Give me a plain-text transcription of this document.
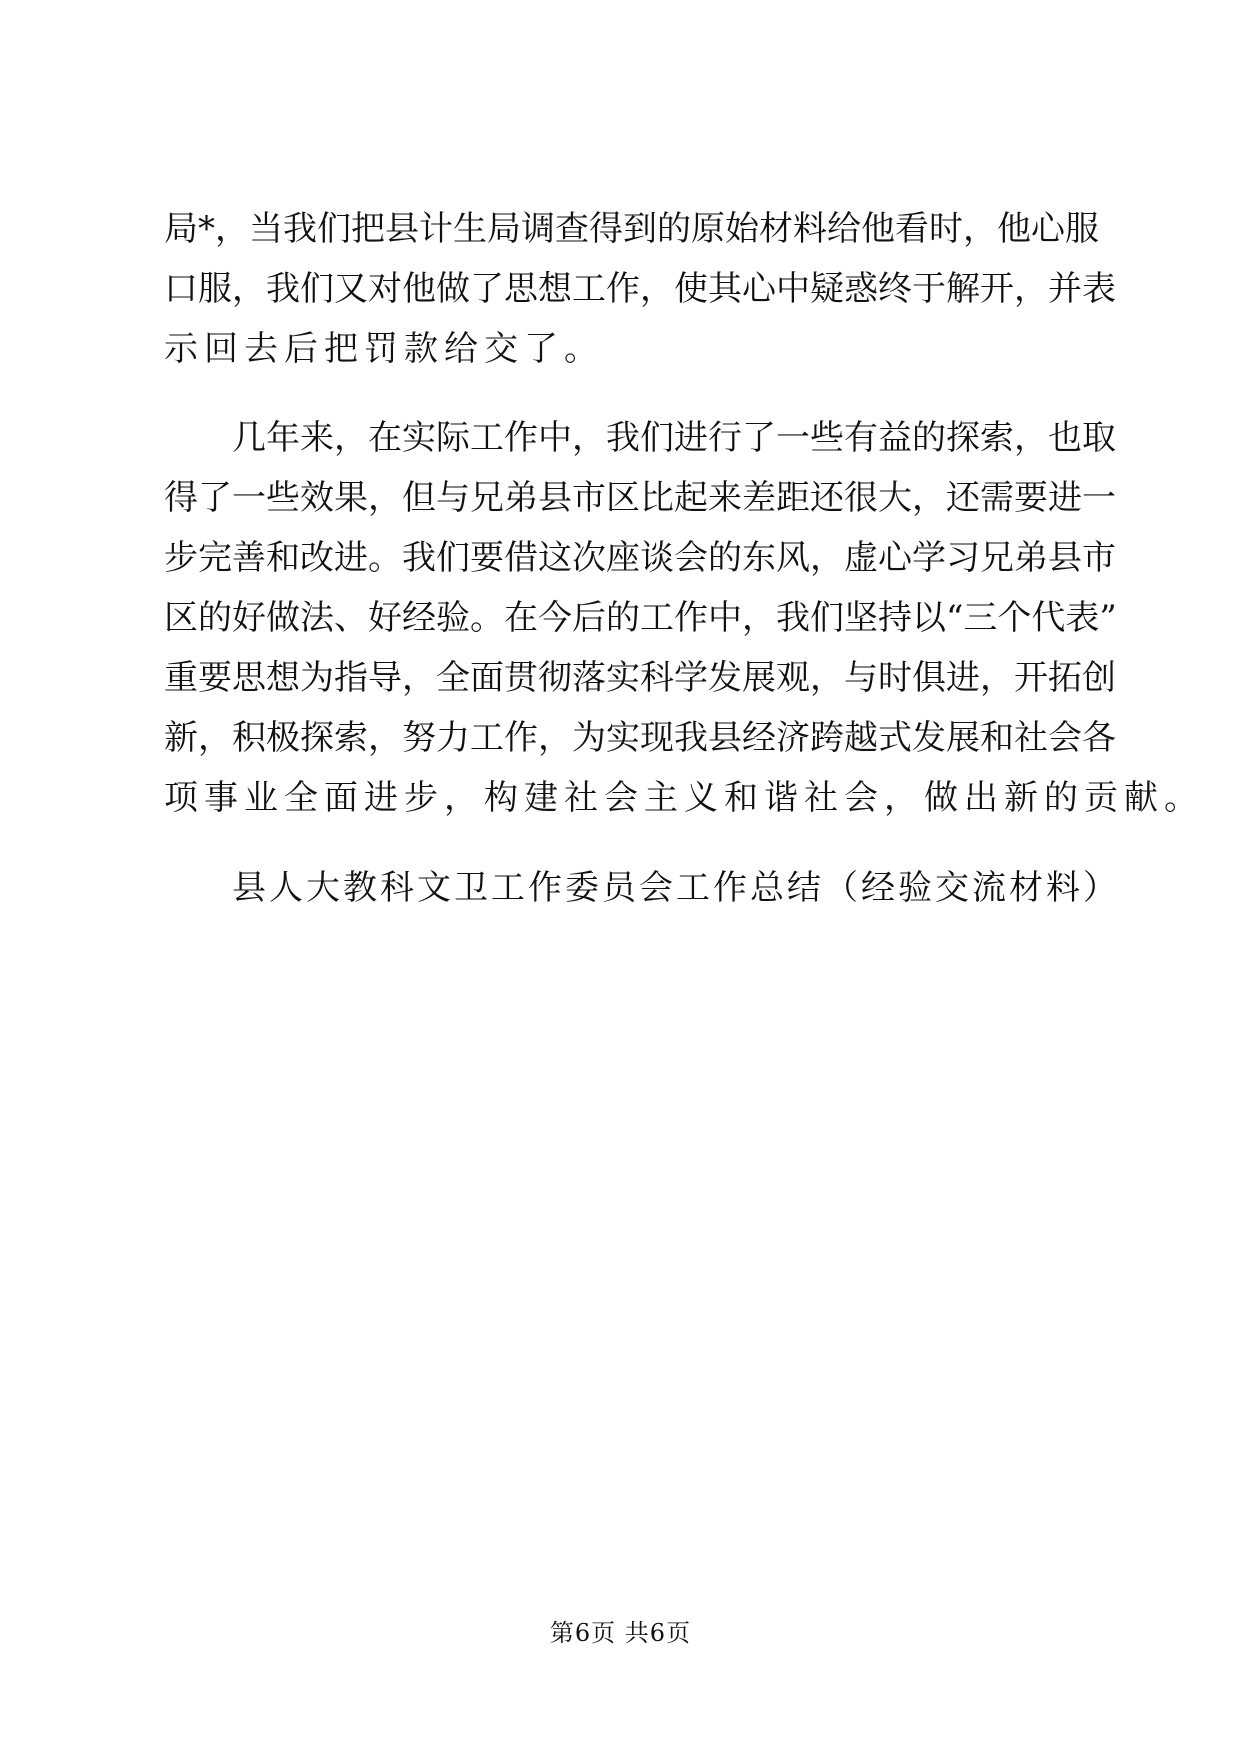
局*，当我们把县计生局调查得到的原始材料给他看时，他心服
口服，我们又对他做了思想工作，使其心中疑惑终于解开，并表
示回去后把罚款给交了。
几年来，在实际工作中，我们进行了一些有益的探索，也取
得了一些效果，但与兄弟县市区比起来差距还很大，还需要进一
步完善和改进。我们要借这次座谈会的东风，虚心学习兄弟县市
区的好做法、好经验。在今后的工作中，我们坚持以“三个代表”
重要思想为指导，全面贯彻落实科学发展观，与时俱进，开拓创
新，积极探索，努力工作，为实现我县经济跨越式发展和社会各
项事业全面进步，构建社会主义和谐社会，做出新的贡献。
县人大教科文卫工作委员会工作总结（经验交流材料）
第6页 共6页
